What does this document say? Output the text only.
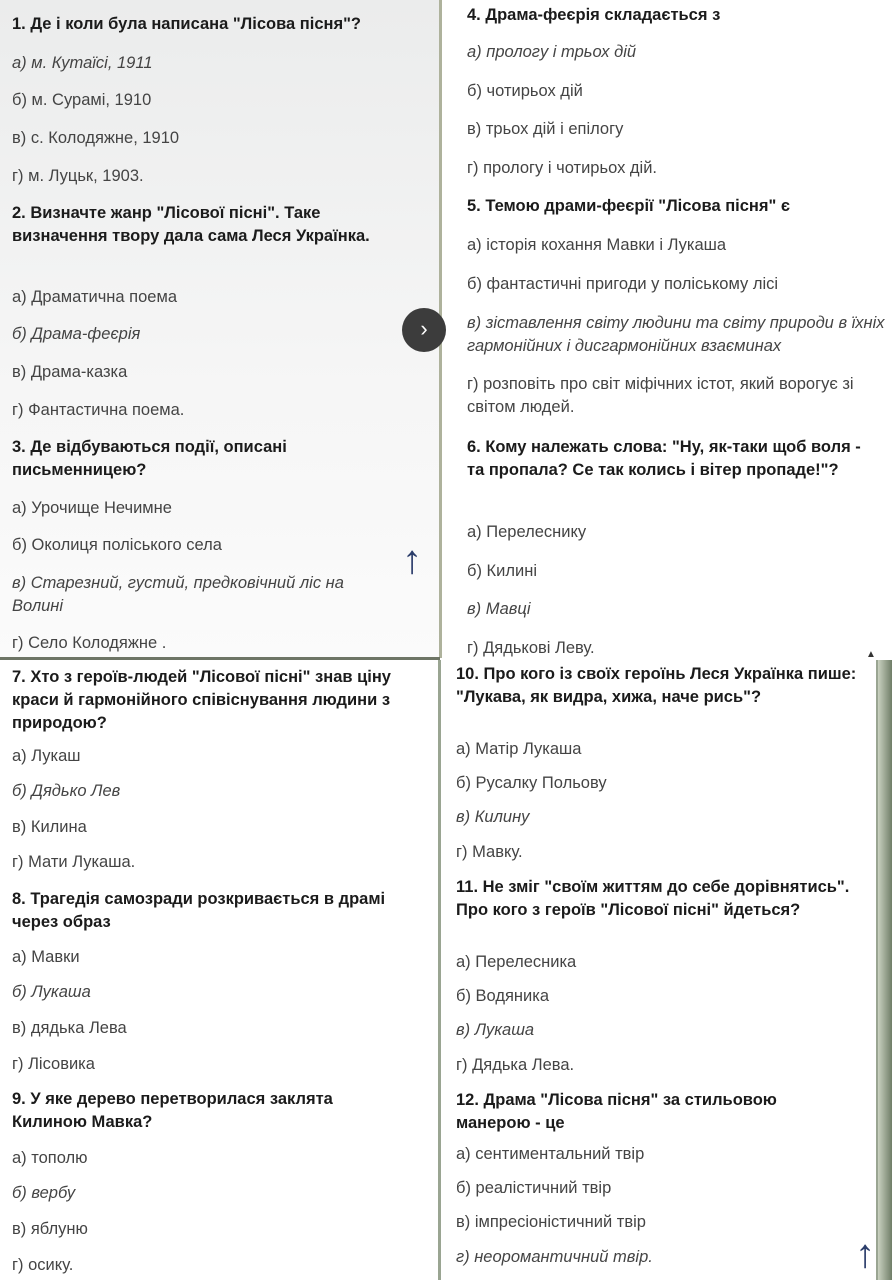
1. Де і коли була написана "Лісова пісня"?
а) м. Кутаїсі, 1911
б) м. Сурамі, 1910
в) с. Колодяжне, 1910
г) м. Луцьк, 1903.
2. Визначте жанр "Лісової пісні". Таке визначення твору дала сама Леся Українка.
а) Драматична поема
б) Драма-феєрія
в) Драма-казка
г) Фантастична поема.
3. Де відбуваються події, описані письменницею?
а) Урочище Нечимне
б) Околиця поліського села
в) Старезний, густий, предковічний ліс на Волині
г) Село Колодяжне .
↑
4. Драма-феєрія складається з
а) прологу і трьох дій
б) чотирьох дій
в) трьох дій і епілогу
г) прологу і чотирьох дій.
5. Темою драми-феєрії "Лісова пісня" є
а) історія кохання Мавки і Лукаша
б) фантастичні пригоди у поліському лісі
в) зіставлення світу людини та світу природи в їхніх гармонійних і дисгармонійних взаєминах
г) розповіть про світ міфічних істот, який ворогує зі світом людей.
6. Кому належать слова: "Ну, як-таки щоб воля - та пропала? Се так колись і вітер пропаде!"?
а) Перелеснику
б) Килині
в) Мавці
г) Дядькові Леву.
›
▲
7. Хто з героїв-людей "Лісової пісні" знав ціну краси й гармонійного співіснування людини з природою?
а) Лукаш
б) Дядько Лев
в) Килина
г) Мати Лукаша.
8. Трагедія самозради розкривається в драмі через образ
а) Мавки
б) Лукаша
в) дядька Лева
г) Лісовика
9. У яке дерево перетворилася заклята Килиною Мавка?
а) тополю
б) вербу
в) яблуню
г) осику.
10. Про кого із своїх героїнь Леся Українка пише: "Лукава, як видра, хижа, наче рись"?
а) Матір Лукаша
б) Русалку Польову
в) Килину
г) Мавку.
11. Не зміг "своїм життям до себе дорівнятись". Про кого з героїв "Лісової пісні" йдеться?
а) Перелесника
б) Водяника
в) Лукаша
г) Дядька Лева.
12. Драма "Лісова пісня" за стильовою манерою - це
а) сентиментальний твір
б) реалістичний твір
в) імпресіоністичний твір
г) неоромантичний твір.	↑
